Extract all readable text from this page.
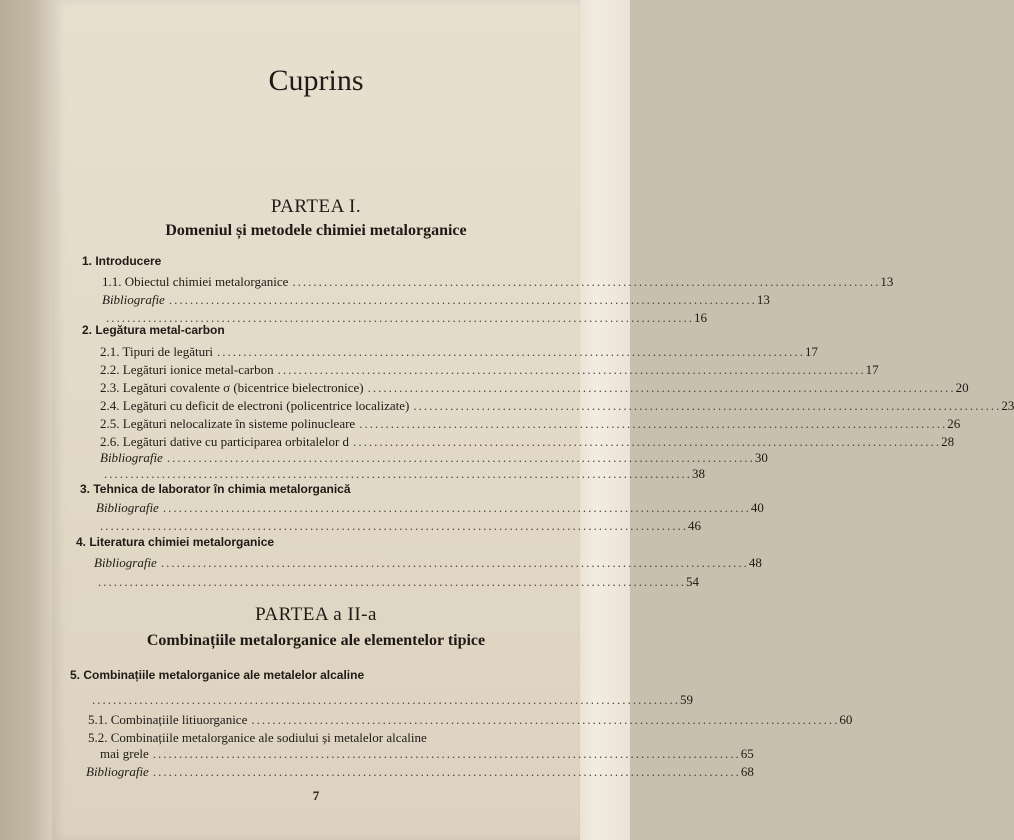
Cuprins
PARTEA I.
Domeniul și metodele chimiei metalorganice
1. Introducere
1.1. Obiectul chimiei metalorganice ................................................................................................................ 13
Bibliografie ................................................................................................................ 13
................................................................................................................ 16
2. Legătura metal-carbon
2.1. Tipuri de legături ................................................................................................................ 17
2.2. Legături ionice metal-carbon ................................................................................................................ 17
2.3. Legături covalente σ (bicentrice bielectronice) ................................................................................................................ 20
2.4. Legături cu deficit de electroni (policentrice localizate) ................................................................................................................ 23
2.5. Legături nelocalizate în sisteme polinucleare ................................................................................................................ 26
2.6. Legături dative cu participarea orbitalelor d ................................................................................................................ 28
Bibliografie ................................................................................................................ 30
................................................................................................................ 38
3. Tehnica de laborator în chimia metalorganică
Bibliografie ................................................................................................................ 40
................................................................................................................ 46
4. Literatura chimiei metalorganice
Bibliografie ................................................................................................................ 48
................................................................................................................ 54
PARTEA a II-a
Combinațiile metalorganice ale elementelor tipice
5. Combinațiile metalorganice ale metalelor alcaline
................................................................................................................ 59
5.1. Combinațiile litiuorganice ................................................................................................................ 60
5.2. Combinațiile metalorganice ale sodiului și metalelor alcaline
mai grele ................................................................................................................ 65
Bibliografie ................................................................................................................ 68
7
